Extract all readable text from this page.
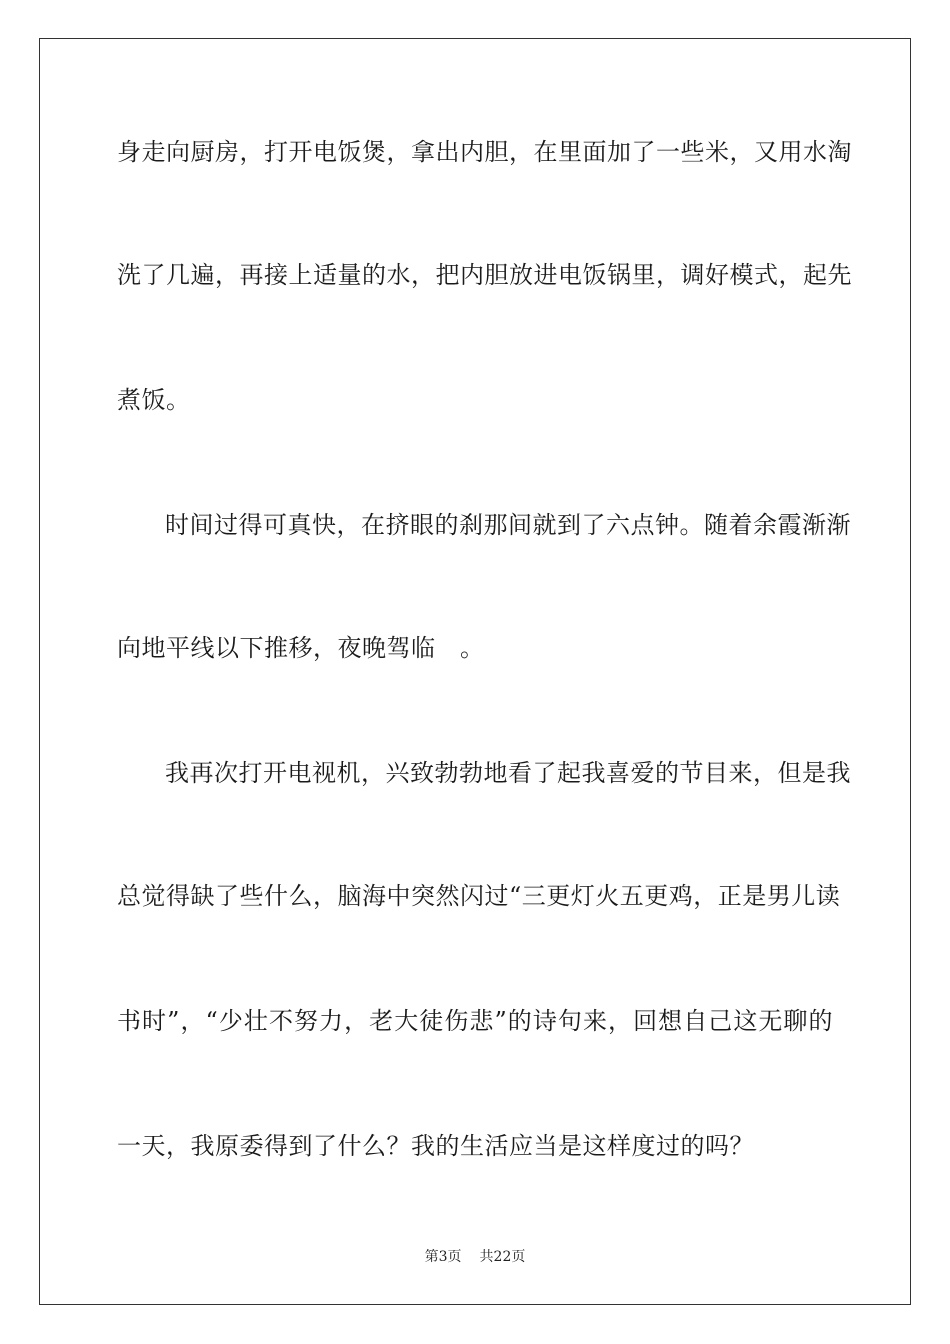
身走向厨房，打开电饭煲，拿出内胆，在里面加了一些米，又用水淘
洗了几遍，再接上适量的水，把内胆放进电饭锅里，调好模式，起先
煮饭。
时间过得可真快，在挤眼的刹那间就到了六点钟。随着余霞渐渐
向地平线以下推移，夜晚驾临　。
我再次打开电视机，兴致勃勃地看了起我喜爱的节目来，但是我
总觉得缺了些什么，脑海中突然闪过“三更灯火五更鸡，正是男儿读
书时”，“少壮不努力，老大徒伤悲”的诗句来，回想自己这无聊的
一天，我原委得到了什么？我的生活应当是这样度过的吗？
第3页 共22页
